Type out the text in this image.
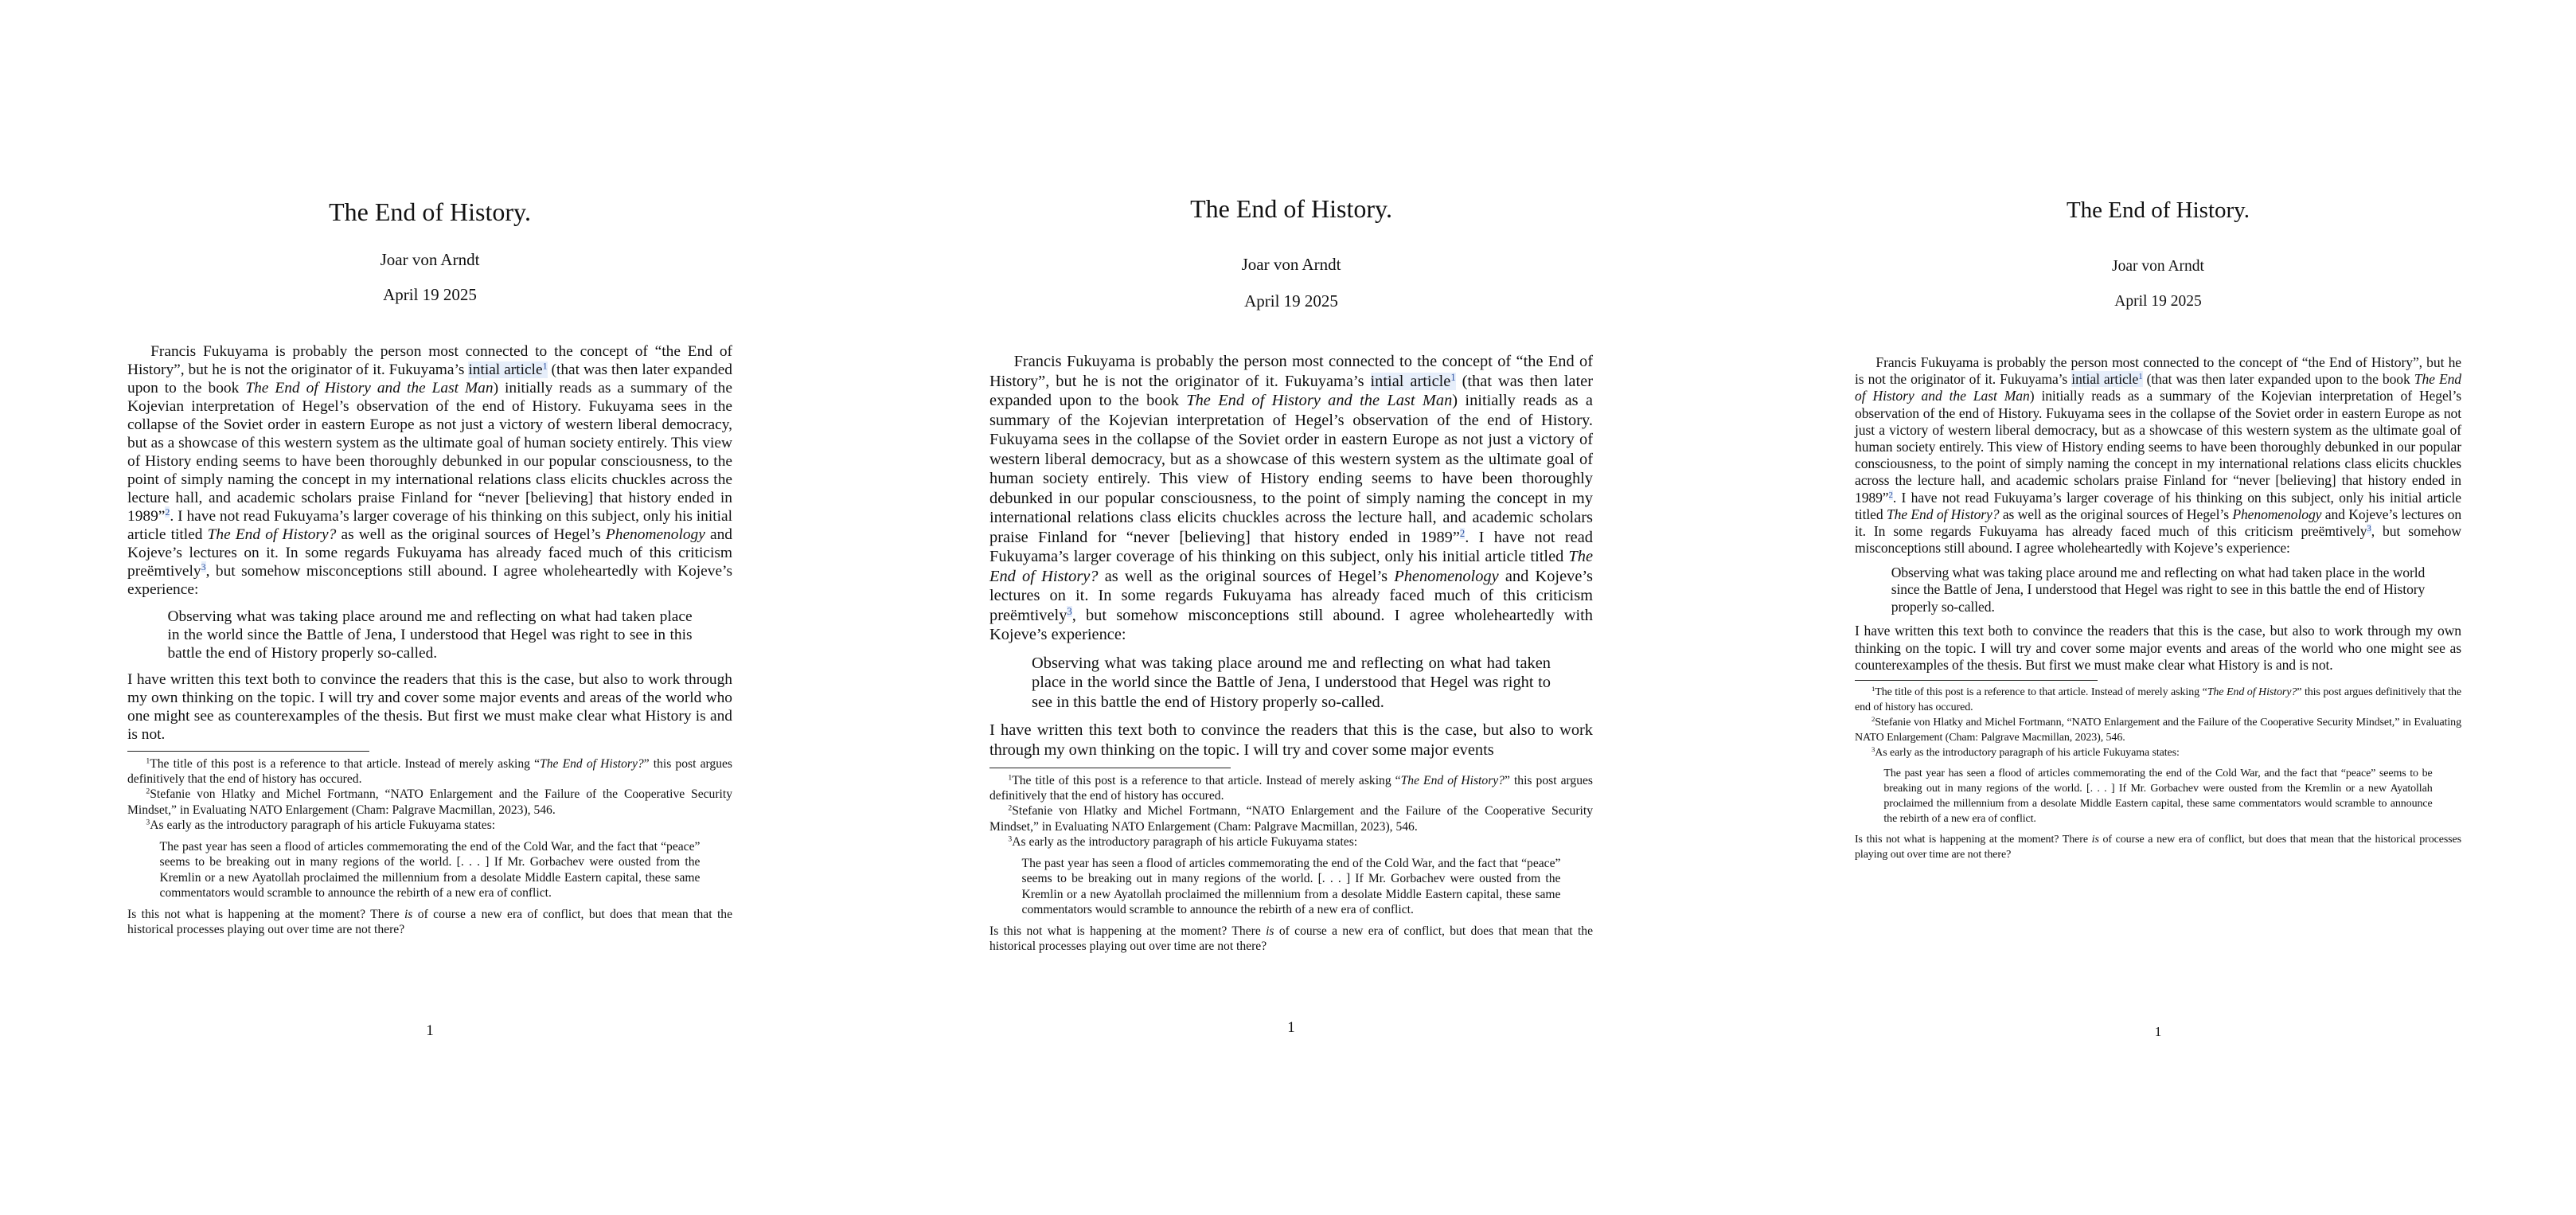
The End of History.
Joar von Arndt
April 19 2025

Francis Fukuyama is probably the person most connected to the concept of “the End of History”, but he is not the originator of it. Fukuyama’s intial article$^1$ (that was then later expanded upon to the book The End of History and the Last Man) initially reads as a summary of the Kojevian interpretation of Hegel’s observation of the end of History. Fukuyama sees in the collapse of the Soviet order in eastern Europe as not just a victory of western liberal democracy, but as a showcase of this western system as the ultimate goal of human society entirely. This view of History ending seems to have been thoroughly debunked in our popular consciousness, to the point of simply naming the concept in my international relations class elicits chuckles across the lecture hall, and academic scholars praise Finland for “never [believing] that history ended in 1989”$^2$. I have not read Fukuyama’s larger coverage of his thinking on this subject, only his initial article titled The End of History? as well as the original sources of Hegel’s Phenomenology and Kojeve’s lectures on it. In some regards Fukuyama has already faced much of this criticism preëmtively$^3$, but somehow misconceptions still abound. I agree wholeheartedly with Kojeve’s experience:

Observing what was taking place around me and reflecting on what had taken place in the world since the Battle of Jena, I understood that Hegel was right to see in this battle the end of History properly so-called.

I have written this text both to convince the readers that this is the case, but also to work through my own thinking on the topic. I will try and cover some major events and areas of the world who one might see as counterexamples of the thesis. But first we must make clear what History is and is not.

$^1$The title of this post is a reference to that article. Instead of merely asking “The End of History?” this post argues definitively that the end of history has occured.

$^2$Stefanie von Hlatky and Michel Fortmann, “NATO Enlargement and the Failure of the Cooperative Security Mindset,” in Evaluating NATO Enlargement (Cham: Palgrave Macmillan, 2023), 546.

$^3$As early as the introductory paragraph of his article Fukuyama states:

The past year has seen a flood of articles commemorating the end of the Cold War, and the fact that “peace” seems to be breaking out in many regions of the world. [. . . ] If Mr. Gorbachev were ousted from the Kremlin or a new Ayatollah proclaimed the millennium from a desolate Middle Eastern capital, these same commentators would scramble to announce the rebirth of a new era of conflict.

Is this not what is happening at the moment? There is of course a new era of conflict, but does that mean that the historical processes playing out over time are not there?

1
The End of History.
Joar von Arndt
April 19 2025

Francis Fukuyama is probably the person most connected to the concept of “the End of History”, but he is not the originator of it. Fukuyama’s intial article$^1$ (that was then later expanded upon to the book The End of History and the Last Man) initially reads as a summary of the Kojevian interpretation of Hegel’s observation of the end of History. Fukuyama sees in the collapse of the Soviet order in eastern Europe as not just a victory of western liberal democracy, but as a showcase of this western system as the ultimate goal of human society entirely. This view of History ending seems to have been thoroughly debunked in our popular consciousness, to the point of simply naming the concept in my international relations class elicits chuckles across the lecture hall, and academic scholars praise Finland for “never [believing] that history ended in 1989”$^2$. I have not read Fukuyama’s larger coverage of his thinking on this subject, only his initial article titled The End of History? as well as the original sources of Hegel’s Phenomenology and Kojeve’s lectures on it. In some regards Fukuyama has already faced much of this criticism preëmtively$^3$, but somehow misconceptions still abound. I agree wholeheartedly with Kojeve’s experience:

Observing what was taking place around me and reflecting on what had taken place in the world since the Battle of Jena, I understood that Hegel was right to see in this battle the end of History properly so-called.

I have written this text both to convince the readers that this is the case, but also to work through my own thinking on the topic. I will try and cover some major events

$^1$The title of this post is a reference to that article. Instead of merely asking “The End of History?” this post argues definitively that the end of history has occured.

$^2$Stefanie von Hlatky and Michel Fortmann, “NATO Enlargement and the Failure of the Cooperative Security Mindset,” in Evaluating NATO Enlargement (Cham: Palgrave Macmillan, 2023), 546.

$^3$As early as the introductory paragraph of his article Fukuyama states:

The past year has seen a flood of articles commemorating the end of the Cold War, and the fact that “peace” seems to be breaking out in many regions of the world. [. . . ] If Mr. Gorbachev were ousted from the Kremlin or a new Ayatollah proclaimed the millennium from a desolate Middle Eastern capital, these same commentators would scramble to announce the rebirth of a new era of conflict.

Is this not what is happening at the moment? There is of course a new era of conflict, but does that mean that the historical processes playing out over time are not there?

1
The End of History.
Joar von Arndt
April 19 2025

Francis Fukuyama is probably the person most connected to the concept of “the End of History”, but he is not the originator of it. Fukuyama’s intial article$^1$ (that was then later expanded upon to the book The End of History and the Last Man) initially reads as a summary of the Kojevian interpretation of Hegel’s observation of the end of History. Fukuyama sees in the collapse of the Soviet order in eastern Europe as not just a victory of western liberal democracy, but as a showcase of this western system as the ultimate goal of human society entirely. This view of History ending seems to have been thoroughly debunked in our popular consciousness, to the point of simply naming the concept in my international relations class elicits chuckles across the lecture hall, and academic scholars praise Finland for “never [believing] that history ended in 1989”$^2$. I have not read Fukuyama’s larger coverage of his thinking on this subject, only his initial article titled The End of History? as well as the original sources of Hegel’s Phenomenology and Kojeve’s lectures on it. In some regards Fukuyama has already faced much of this criticism preëmtively$^3$, but somehow misconceptions still abound. I agree wholeheartedly with Kojeve’s experience:

Observing what was taking place around me and reflecting on what had taken place in the world since the Battle of Jena, I understood that Hegel was right to see in this battle the end of History properly so-called.

I have written this text both to convince the readers that this is the case, but also to work through my own thinking on the topic. I will try and cover some major events and areas of the world who one might see as counterexamples of the thesis. But first we must make clear what History is and is not.

$^1$The title of this post is a reference to that article. Instead of merely asking “The End of History?” this post argues definitively that the end of history has occured.

$^2$Stefanie von Hlatky and Michel Fortmann, “NATO Enlargement and the Failure of the Cooperative Security Mindset,” in Evaluating NATO Enlargement (Cham: Palgrave Macmillan, 2023), 546.

$^3$As early as the introductory paragraph of his article Fukuyama states:

The past year has seen a flood of articles commemorating the end of the Cold War, and the fact that “peace” seems to be breaking out in many regions of the world. [. . . ] If Mr. Gorbachev were ousted from the Kremlin or a new Ayatollah proclaimed the millennium from a desolate Middle Eastern capital, these same commentators would scramble to announce the rebirth of a new era of conflict.

Is this not what is happening at the moment? There is of course a new era of conflict, but does that mean that the historical processes playing out over time are not there?

1
